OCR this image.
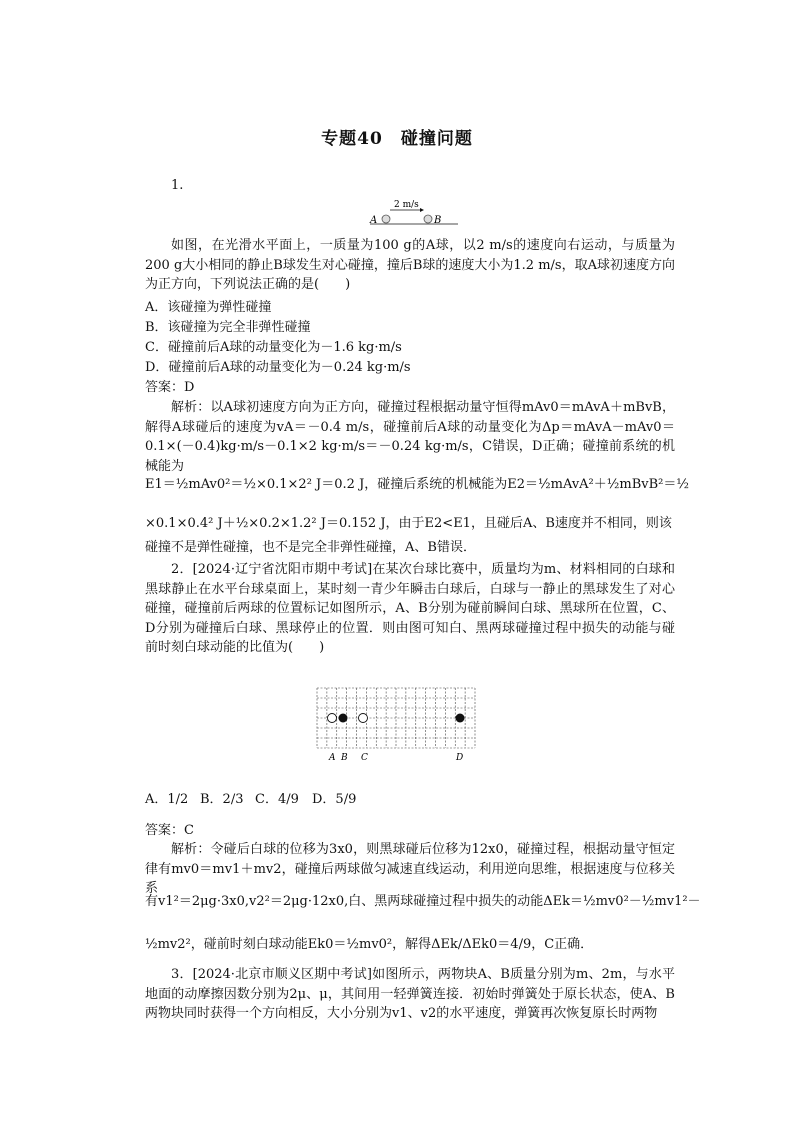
专题40　碰撞问题
1.
2 m/s
A	B
如图，在光滑水平面上，一质量为100 g的A球，以2 m/s的速度向右运动，与质量为200 g大小相同的静止B球发生对心碰撞，撞后B球的速度大小为1.2 m/s，取A球初速度方向为正方向，下列说法正确的是(　　)
A．该碰撞为弹性碰撞
B．该碰撞为完全非弹性碰撞
C．碰撞前后A球的动量变化为－1.6 kg·m/s
D．碰撞前后A球的动量变化为－0.24 kg·m/s
答案：D
解析：以A球初速度方向为正方向，碰撞过程根据动量守恒得mAv0＝mAvA＋mBvB，解得A球碰后的速度为vA＝－0.4 m/s，碰撞前后A球的动量变化为Δp＝mAvA－mAv0＝0.1×(－0.4)kg·m/s－0.1×2 kg·m/s＝－0.24 kg·m/s，C错误，D正确；碰撞前系统的机械能为
E1＝½mAv0²＝½×0.1×2² J＝0.2 J，碰撞后系统的机械能为E2＝½mAvA²＋½mBvB²＝½
×0.1×0.4² J＋½×0.2×1.2² J＝0.152 J，由于E2<E1，且碰后A、B速度并不相同，则该
碰撞不是弹性碰撞，也不是完全非弹性碰撞，A、B错误．
2．[2024·辽宁省沈阳市期中考试]在某次台球比赛中，质量均为m、材料相同的白球和黑球静止在水平台球桌面上，某时刻一青少年瞬击白球后，白球与一静止的黑球发生了对心碰撞，碰撞前后两球的位置标记如图所示，A、B分别为碰前瞬间白球、黑球所在位置，C、D分别为碰撞后白球、黑球停止的位置．则由图可知白、黑两球碰撞过程中损失的动能与碰前时刻白球动能的比值为(　　)
A B C	D
A．1/2 B．2/3 C．4/9 D．5/9
答案：C
解析：令碰后白球的位移为3x0，则黑球碰后位移为12x0，碰撞过程，根据动量守恒定律有mv0＝mv1＋mv2，碰撞后两球做匀减速直线运动，利用逆向思维，根据速度与位移关系
有v1²＝2μg·3x0,v2²＝2μg·12x0,白、黑两球碰撞过程中损失的动能ΔEk＝½mv0²－½mv1²－
½mv2²，碰前时刻白球动能Ek0＝½mv0²，解得ΔEk/ΔEk0＝4/9，C正确．
3．[2024·北京市顺义区期中考试]如图所示，两物块A、B质量分别为m、2m，与水平地面的动摩擦因数分别为2μ、μ，其间用一轻弹簧连接．初始时弹簧处于原长状态，使A、B两物块同时获得一个方向相反，大小分别为v1、v2的水平速度，弹簧再次恢复原长时两物
